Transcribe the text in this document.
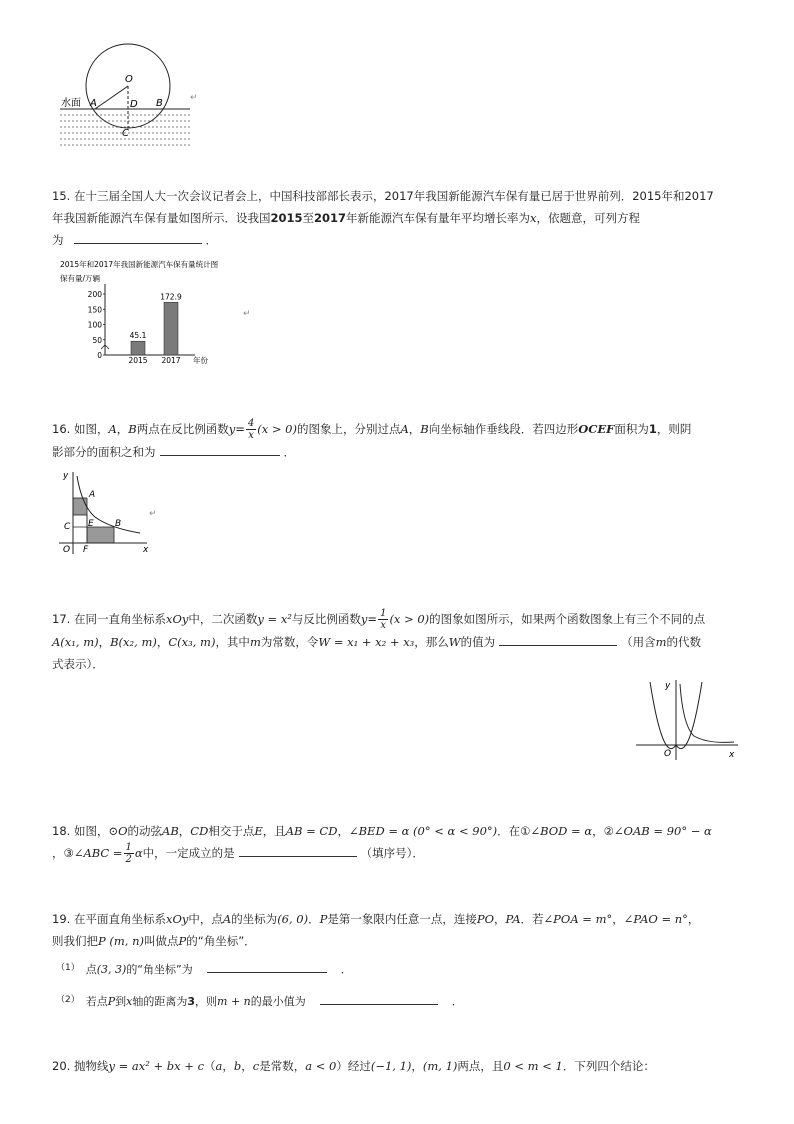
水面
O
A	D B
C
↵
15. 在十三届全国人大一次会议记者会上，中国科技部部长表示，2017年我国新能源汽车保有量已居于世界前列．2015年和2017
年我国新能源汽车保有量如图所示．设我国2015至2017年新能源汽车保有量年平均增长率为x，依题意，可列方程
为	．
2015年和2017年我国新能源汽车保有量统计图
保有量/万辆
200
150
100
50
0
45.1
2015
172.9
2017 年份
↵
16. 如图，A，B两点在反比例函数$y= \frac{4}{x} (x > 0)$的图象上，分别过点A，B向坐标轴作垂线段．若四边形OCEF面积为1，则阴
影部分的面积之和为	．
y
x
O
A
B
C E
F
↵
17. 在同一直角坐标系xOy中，二次函数y = x²与反比例函数$y= \frac{1}{x} (x > 0)$的图象如图所示，如果两个函数图象上有三个不同的点
A(x₁, m)，B(x₂, m)，C(x₃, m)，其中m为常数，令W = x₁ + x₂ + x₃，那么W的值为	（用含m的代数
式表示）．
y
x
O
18. 如图，⊙O的动弦AB，CD相交于点E，且AB = CD，∠BED = α (0° < α < 90°)．在①∠BOD = α，②∠OAB = 90° − α
，③∠ABC = $\frac{1}{2}$ α中，一定成立的是	（填序号）．
19. 在平面直角坐标系xOy中，点A的坐标为(6, 0)．P是第一象限内任意一点，连接PO，PA．若∠POA = m°，∠PAO = n°，
则我们把P (m, n)叫做点P的“角坐标”．
$^{(1)}$ 点(3, 3)的“角坐标”为	．
$^{(2)}$ 若点P到x轴的距离为3，则m + n的最小值为	．
20. 抛物线y = ax² + bx + c（a，b，c是常数，a < 0）经过(−1, 1)，(m, 1)两点，且0 < m < 1．下列四个结论：
